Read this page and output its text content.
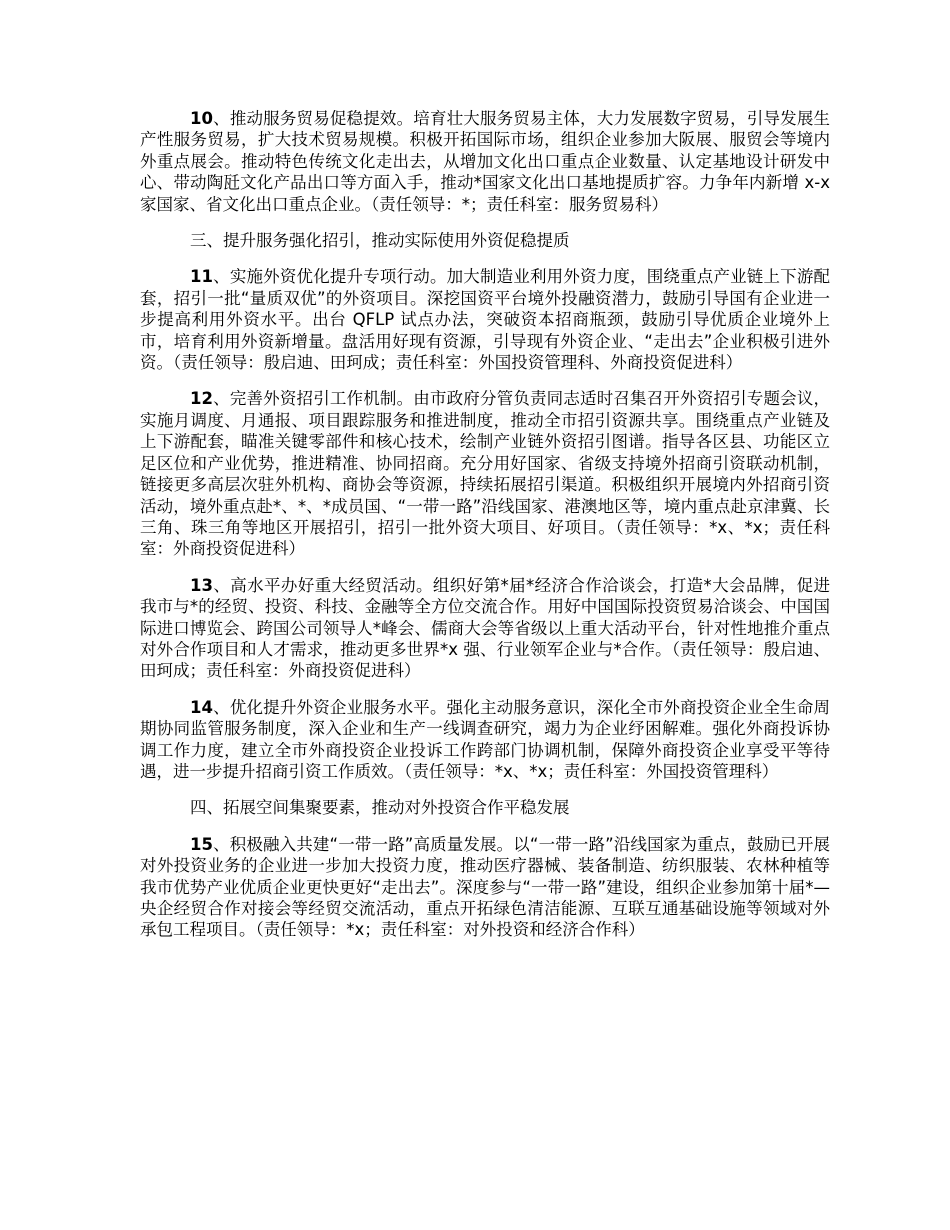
10、推动服务贸易促稳提效。培育壮大服务贸易主体，大力发展数字贸易，引导发展生产性服务贸易，扩大技术贸易规模。积极开拓国际市场，组织企业参加大阪展、服贸会等境内外重点展会。推动特色传统文化走出去，从增加文化出口重点企业数量、认定基地设计研发中心、带动陶瓩文化产品出口等方面入手，推动*国家文化出口基地提质扩容。力争年内新增 x-x 家国家、省文化出口重点企业。（责任领导：*；责任科室：服务贸易科）

三、提升服务强化招引，推动实际使用外资促稳提质

11、实施外资优化提升专项行动。加大制造业利用外资力度，围绕重点产业链上下游配套，招引一批“量质双优”的外资项目。深挖国资平台境外投融资潜力，鼓励引导国有企业进一步提高利用外资水平。出台 QFLP 试点办法，突破资本招商瓶颈，鼓励引导优质企业境外上市，培育利用外资新增量。盘活用好现有资源，引导现有外资企业、“走出去”企业积极引进外资。（责任领导：殷启迪、田珂成；责任科室：外国投资管理科、外商投资促进科）

12、完善外资招引工作机制。由市政府分管负责同志适时召集召开外资招引专题会议，实施月调度、月通报、项目跟踪服务和推进制度，推动全市招引资源共享。围绕重点产业链及上下游配套，瞄准关键零部件和核心技术，绘制产业链外资招引图谱。指导各区县、功能区立足区位和产业优势，推进精准、协同招商。充分用好国家、省级支持境外招商引资联动机制，链接更多高层次驻外机构、商协会等资源，持续拓展招引渠道。积极组织开展境内外招商引资活动，境外重点赴*、*、*成员国、“一带一路”沿线国家、港澳地区等，境内重点赴京津冀、长三角、珠三角等地区开展招引，招引一批外资大项目、好项目。（责任领导：*x、*x；责任科室：外商投资促进科）

13、高水平办好重大经贸活动。组织好第*届*经济合作洽谈会，打造*大会品牌，促进我市与*的经贸、投资、科技、金融等全方位交流合作。用好中国国际投资贸易洽谈会、中国国际进口博览会、跨国公司领导人*峰会、儒商大会等省级以上重大活动平台，针对性地推介重点对外合作项目和人才需求，推动更多世界*x 强、行业领军企业与*合作。（责任领导：殷启迪、田珂成；责任科室：外商投资促进科）

14、优化提升外资企业服务水平。强化主动服务意识，深化全市外商投资企业全生命周期协同监管服务制度，深入企业和生产一线调查研究，竭力为企业纾困解难。强化外商投诉协调工作力度，建立全市外商投资企业投诉工作跨部门协调机制，保障外商投资企业享受平等待遇，进一步提升招商引资工作质效。（责任领导：*x、*x；责任科室：外国投资管理科）

四、拓展空间集聚要素，推动对外投资合作平稳发展

15、积极融入共建“一带一路”高质量发展。以“一带一路”沿线国家为重点，鼓励已开展对外投资业务的企业进一步加大投资力度，推动医疗器械、装备制造、纺织服装、农林种植等我市优势产业优质企业更快更好“走出去”。深度参与“一带一路”建设，组织企业参加第十届*—央企经贸合作对接会等经贸交流活动，重点开拓绿色清洁能源、互联互通基础设施等领域对外承包工程项目。（责任领导：*x；责任科室：对外投资和经济合作科）
